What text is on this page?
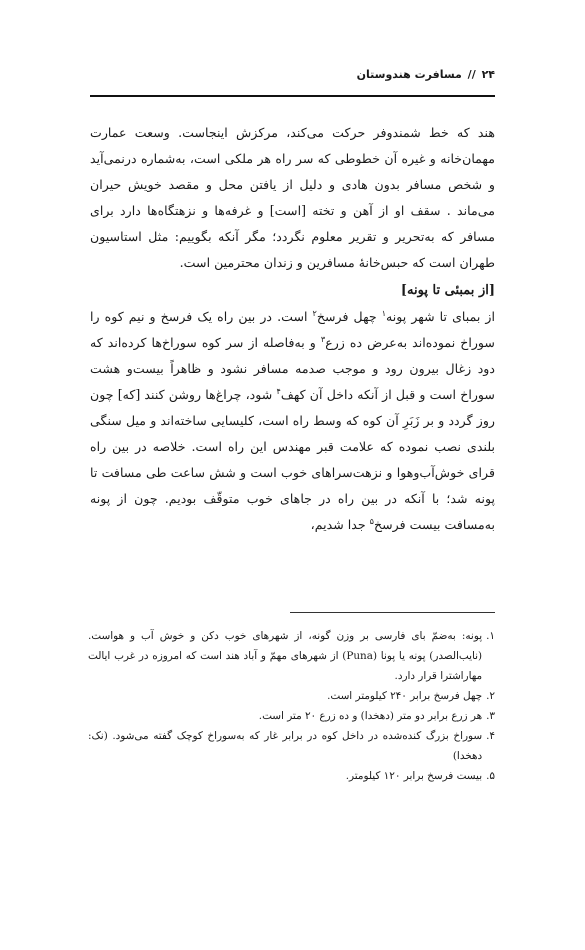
۲۴ // مسافرت هندوستان

هند که خط شمندوفر حرکت می‌کند، مرکزش اینجاست. وسعت عمارت مهمان‌خانه و غیره آن خطوطی که سر راه هر ملکی است، به‌شماره درنمی‌آید و شخص مسافر بدون هادی و دلیل از یافتن محل و مقصد خویش حیران می‌ماند . سقف او از آهن و تخته [است] و غرفه‌ها و نزهتگاه‌ها دارد برای مسافر که به‌تحریر و تقریر معلوم نگردد؛ مگر آنکه بگوییم: مثل استاسیون طهران است که حبس‌خانهٔ مسافرین و زندان محترمین است.

[از بمبئی تا پونه]

از بمبای تا شهر پونه$^۱$ چهل فرسخ$^۲$ است. در بین راه یک فرسخ و نیم کوه را سوراخ نموده‌اند به‌عرض ده زرع$^۳$ و به‌فاصله از سر کوه سوراخ‌ها کرده‌اند که دود زغال بیرون رود و موجب صدمه مسافر نشود و ظاهراً بیست‌و هشت سوراخ است و قبل از آنکه داخل آن کهف$^۴$ شود، چراغ‌ها روشن کنند [که] چون روز گردد و بر زَبَرِ آن کوه که وسط راه است، کلیسایی ساخته‌اند و میل سنگی بلندی نصب نموده که علامت قبر مهندس این راه است. خلاصه در بین راه قرای خوش‌آب‌وهوا و نزهت‌سراهای خوب است و شش ساعت طی مسافت تا پونه شد؛ با آنکه در بین راه در جاهای خوب متوقّف بودیم. چون از پونه به‌مسافت بیست فرسخ$^۵$ جدا شدیم،

۱.
پونه: به‌ضمّ بای فارسی بر وزن گونه، از شهرهای خوب دکن و خوش آب و هواست. (نایب‌الصدر) پونه یا پونا (Puna) از شهرهای مهمّ و آباد هند است که امروزه در غرب ایالت مهاراشترا قرار دارد.
۲.
چهل فرسخ برابر ۲۴۰ کیلومتر است.
۳.
هر زرع برابر دو متر (دهخدا) و ده زرع ۲۰ متر است.
۴.
سوراخ بزرگ کنده‌شده در داخل کوه در برابر غار که به‌سوراخ کوچک گفته می‌شود. (نک: دهخدا)
۵.
بیست فرسخ برابر ۱۲۰ کیلومتر.
